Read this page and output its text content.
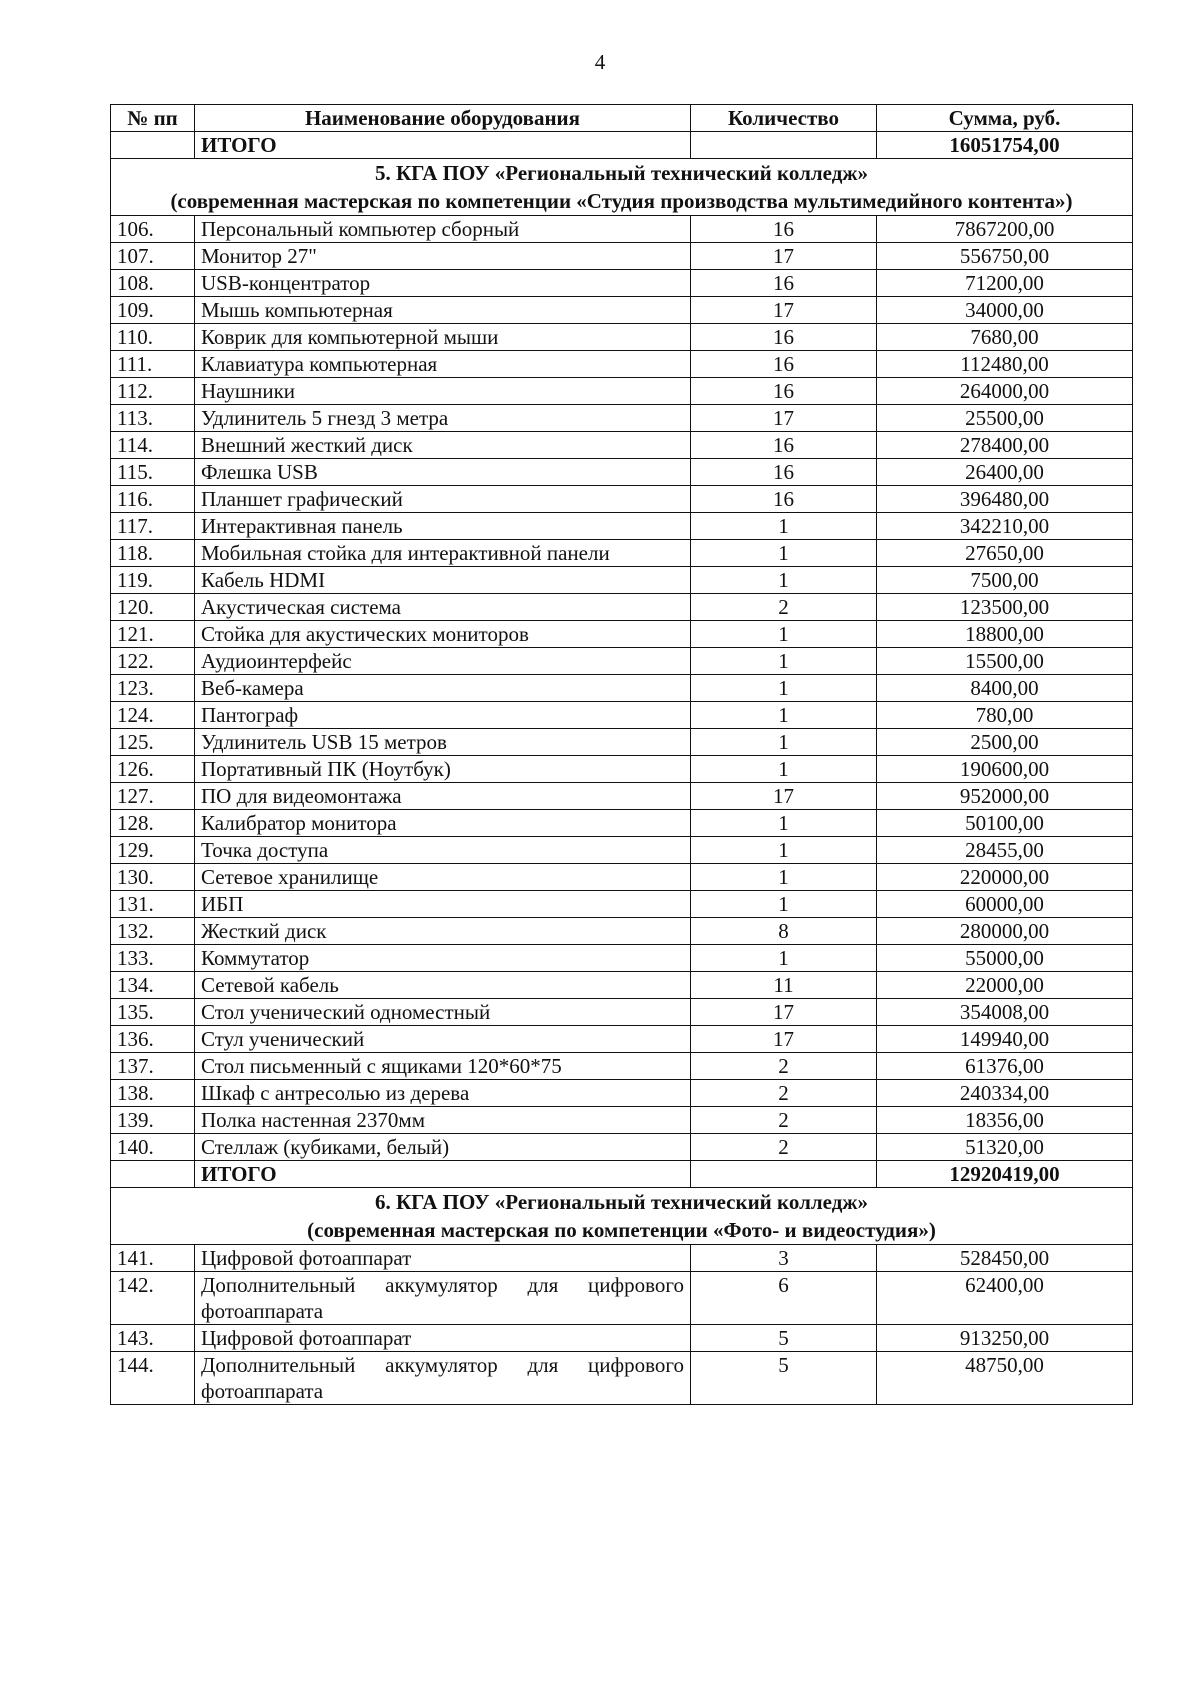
4
№ пп	Наименование оборудования	Количество	Сумма, руб.
	ИТОГО		16051754,00

5. КГА ПОУ «Региональный технический колледж»
(современная мастерская по компетенции «Студия производства мультимедийного контента»)			

106.	Персональный компьютер сборный	16	7867200,00
107.	Монитор 27"	17	556750,00
108.	USB-концентратор	16	71200,00
109.	Мышь компьютерная	17	34000,00
110.	Коврик для компьютерной мыши	16	7680,00
111.	Клавиатура компьютерная	16	112480,00
112.	Наушники	16	264000,00
113.	Удлинитель 5 гнезд 3 метра	17	25500,00
114.	Внешний жесткий диск	16	278400,00
115.	Флешка USB	16	26400,00
116.	Планшет графический	16	396480,00
117.	Интерактивная панель	1	342210,00
118.	Мобильная стойка для интерактивной панели	1	27650,00
119.	Кабель HDMI	1	7500,00
120.	Акустическая система	2	123500,00
121.	Стойка для акустических мониторов	1	18800,00
122.	Аудиоинтерфейс	1	15500,00
123.	Веб-камера	1	8400,00
124.	Пантограф	1	780,00
125.	Удлинитель USB 15 метров	1	2500,00
126.	Портативный ПК (Ноутбук)	1	190600,00
127.	ПО для видеомонтажа	17	952000,00
128.	Калибратор монитора	1	50100,00
129.	Точка доступа	1	28455,00
130.	Сетевое хранилище	1	220000,00
131.	ИБП	1	60000,00
132.	Жесткий диск	8	280000,00
133.	Коммутатор	1	55000,00
134.	Сетевой кабель	11	22000,00
135.	Стол ученический одноместный	17	354008,00
136.	Стул ученический	17	149940,00
137.	Стол письменный с ящиками 120*60*75	2	61376,00
138.	Шкаф с антресолью из дерева	2	240334,00
139.	Полка настенная 2370мм	2	18356,00
140.	Стеллаж (кубиками, белый)	2	51320,00
	ИТОГО		12920419,00

6. КГА ПОУ «Региональный технический колледж»
(современная мастерская по компетенции «Фото- и видеостудия»)			

141.	Цифровой фотоаппарат	3	528450,00
142.	Дополнительный аккумулятор для цифрового фотоаппарата	6	62400,00
143.	Цифровой фотоаппарат	5	913250,00
144.	Дополнительный аккумулятор для цифрового фотоаппарата	5	48750,00
